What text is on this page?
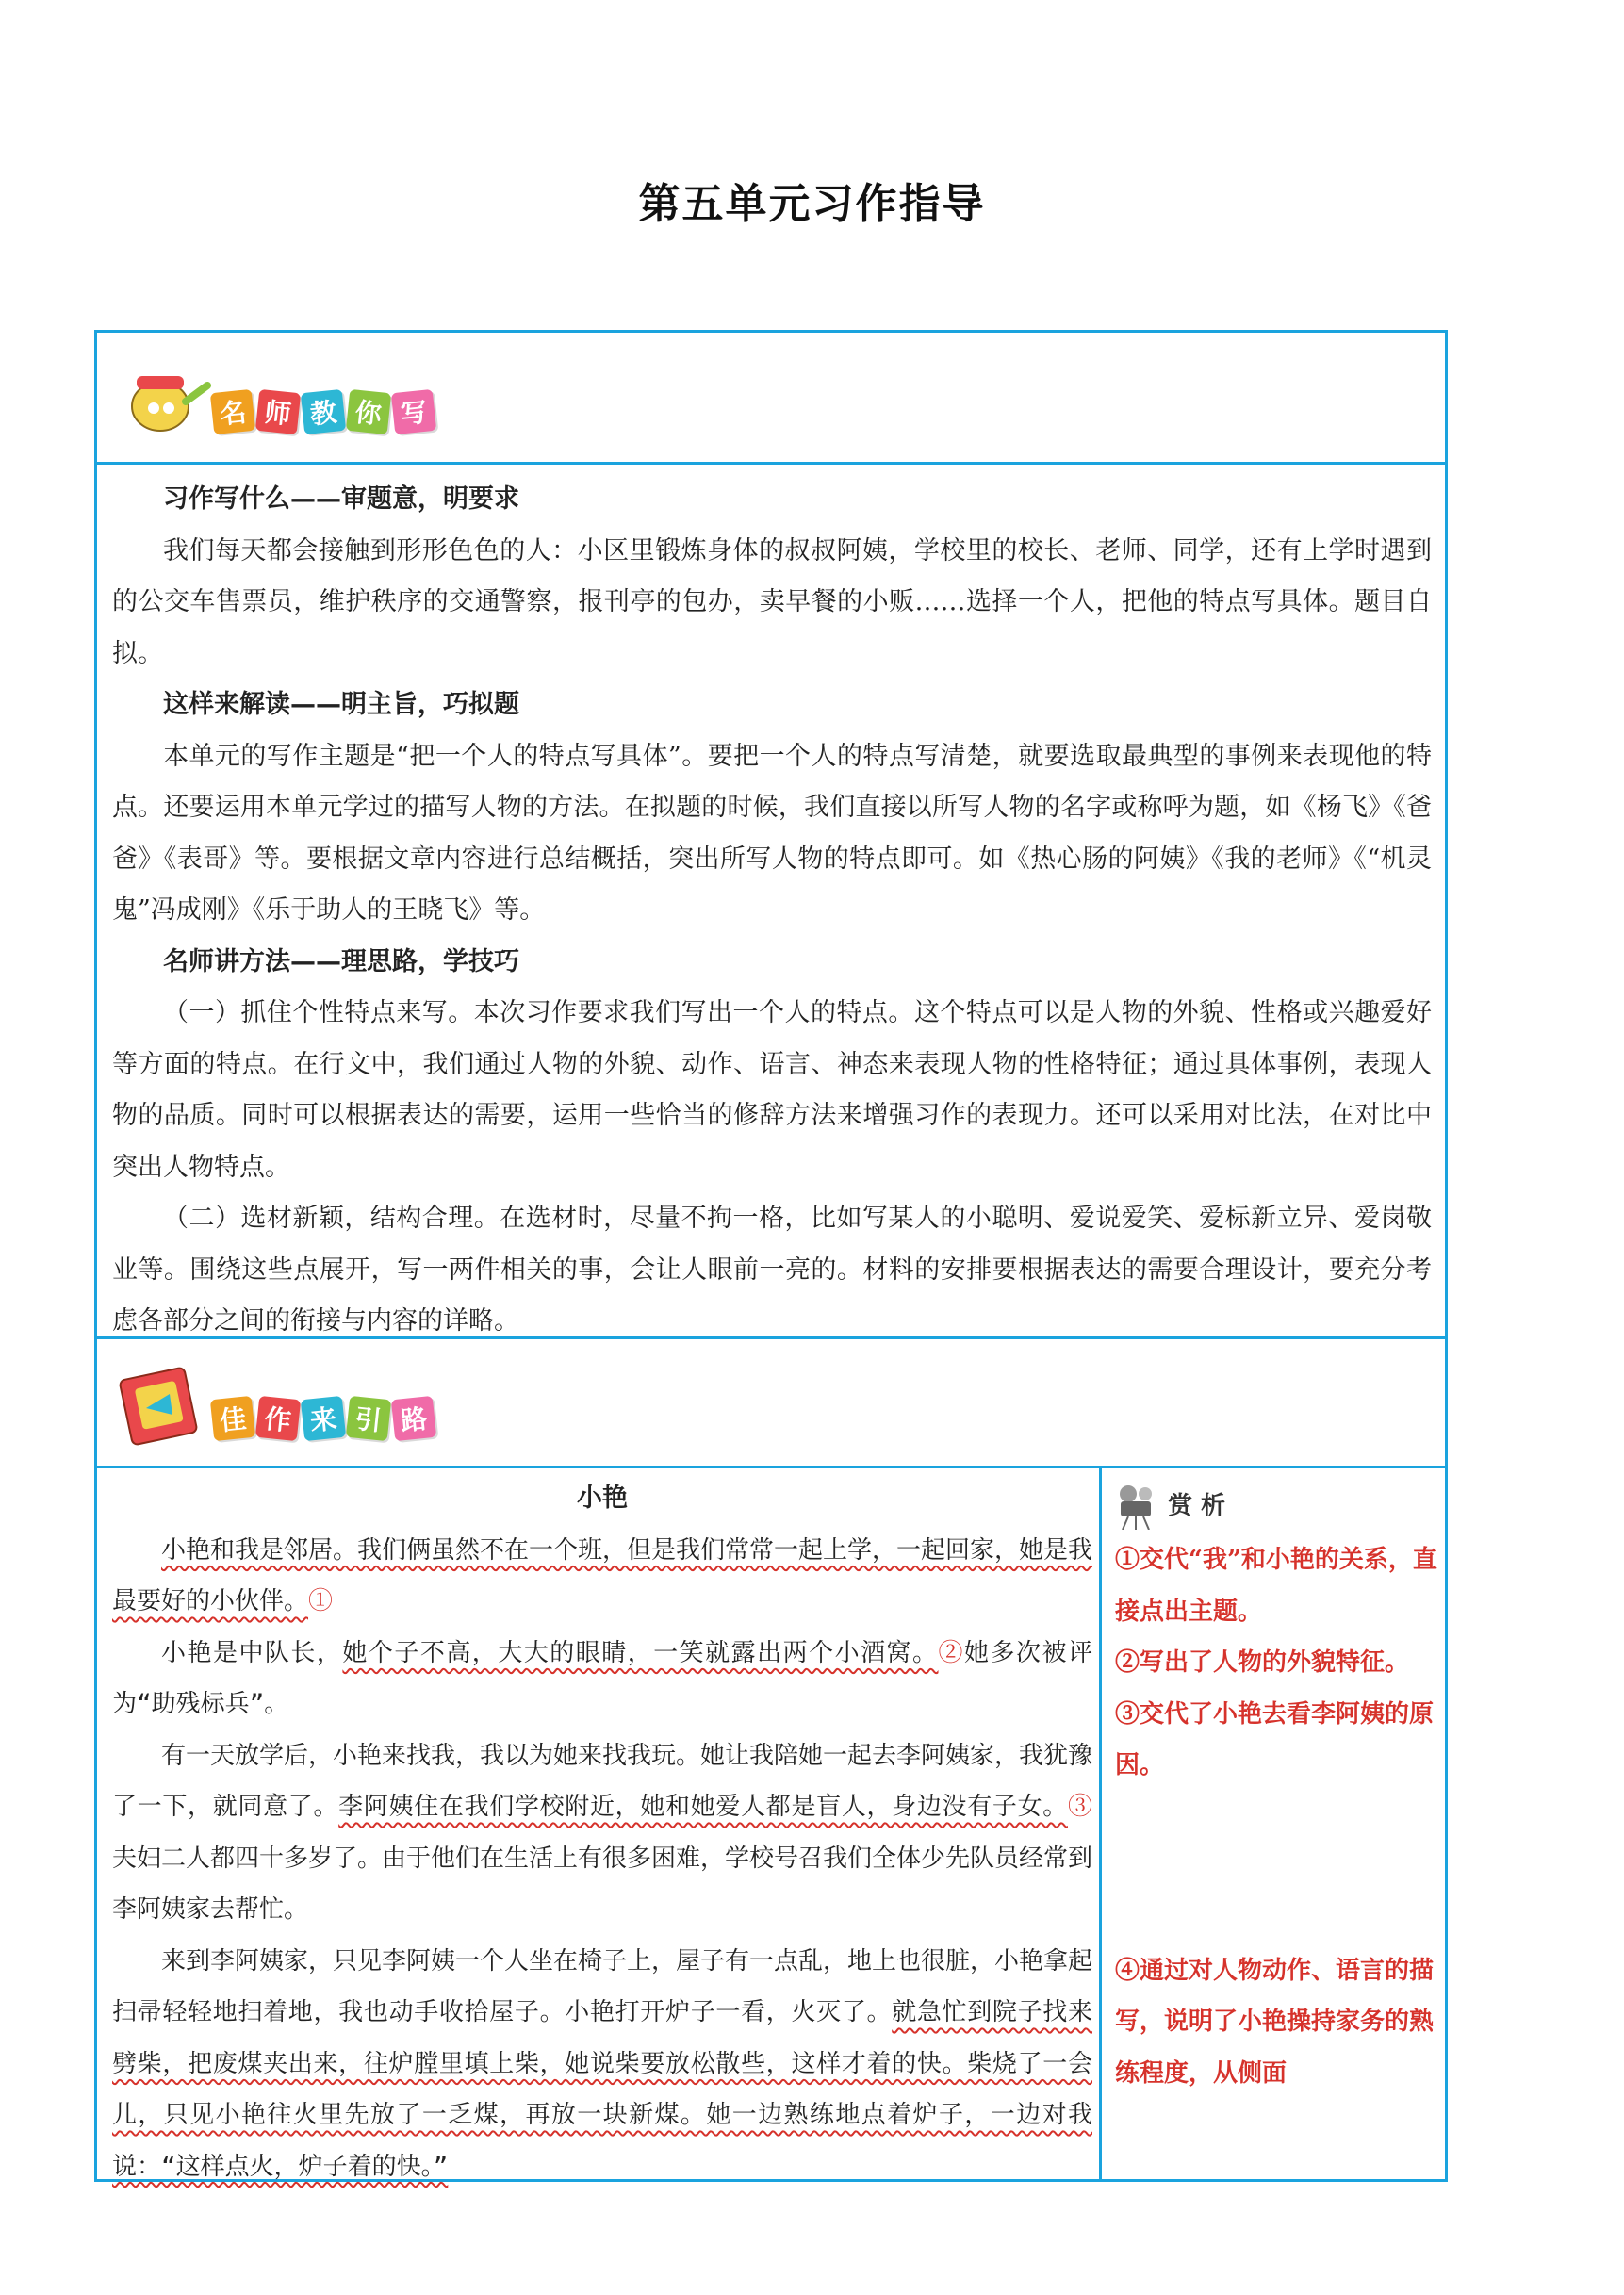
第五单元习作指导
名 师 教 你 写

习作写什么——审题意，明要求

我们每天都会接触到形形色色的人：小区里锻炼身体的叔叔阿姨，学校里的校长、老师、同学，还有上学时遇到的公交车售票员，维护秩序的交通警察，报刊亭的包办，卖早餐的小贩……选择一个人，把他的特点写具体。题目自拟。

这样来解读——明主旨，巧拟题

本单元的写作主题是“把一个人的特点写具体”。要把一个人的特点写清楚，就要选取最典型的事例来表现他的特点。还要运用本单元学过的描写人物的方法。在拟题的时候，我们直接以所写人物的名字或称呼为题，如《杨飞》《爸爸》《表哥》等。要根据文章内容进行总结概括，突出所写人物的特点即可。如《热心肠的阿姨》《我的老师》《“机灵鬼”冯成刚》《乐于助人的王晓飞》等。

名师讲方法——理思路，学技巧

（一）抓住个性特点来写。本次习作要求我们写出一个人的特点。这个特点可以是人物的外貌、性格或兴趣爱好等方面的特点。在行文中，我们通过人物的外貌、动作、语言、神态来表现人物的性格特征；通过具体事例，表现人物的品质。同时可以根据表达的需要，运用一些恰当的修辞方法来增强习作的表现力。还可以采用对比法，在对比中突出人物特点。

（二）选材新颖，结构合理。在选材时，尽量不拘一格，比如写某人的小聪明、爱说爱笑、爱标新立异、爱岗敬业等。围绕这些点展开，写一两件相关的事，会让人眼前一亮的。材料的安排要根据表达的需要合理设计，要充分考虑各部分之间的衔接与内容的详略。

佳 作 来 引 路
小艳

小艳和我是邻居。我们俩虽然不在一个班，但是我们常常一起上学，一起回家，她是我最要好的小伙伴。①

小艳是中队长，她个子不高，大大的眼睛，一笑就露出两个小酒窝。②她多次被评为“助残标兵”。

有一天放学后，小艳来找我，我以为她来找我玩。她让我陪她一起去李阿姨家，我犹豫了一下，就同意了。李阿姨住在我们学校附近，她和她爱人都是盲人，身边没有子女。③夫妇二人都四十多岁了。由于他们在生活上有很多困难，学校号召我们全体少先队员经常到李阿姨家去帮忙。

来到李阿姨家，只见李阿姨一个人坐在椅子上，屋子有一点乱，地上也很脏，小艳拿起扫帚轻轻地扫着地，我也动手收拾屋子。小艳打开炉子一看，火灭了。就急忙到院子找来劈柴，把废煤夹出来，往炉膛里填上柴，她说柴要放松散些，这样才着的快。柴烧了一会儿，只见小艳往火里先放了一乏煤，再放一块新煤。她一边熟练地点着炉子，一边对我说：“这样点火，炉子着的快。”

赏 析

①交代“我”和小艳的关系，直接点出主题。

②写出了人物的外貌特征。

③交代了小艳去看李阿姨的原因。

④通过对人物动作、语言的描写，说明了小艳操持家务的熟练程度，从侧面
